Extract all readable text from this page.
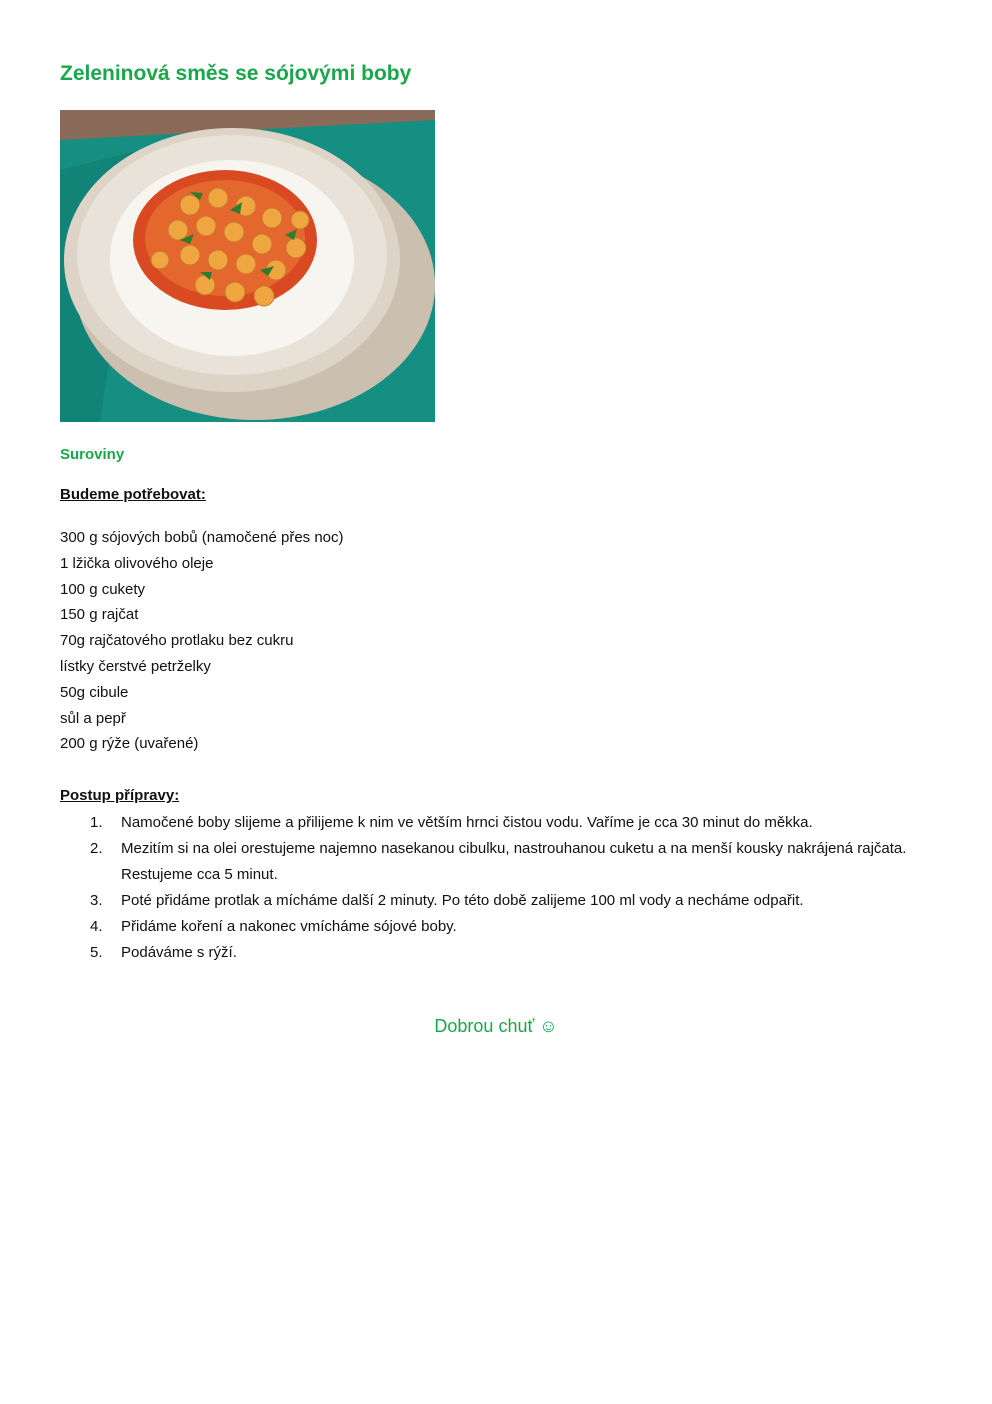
Zeleninová směs se sójovými boby

Suroviny

Budeme potřebovat:

300 g sójových bobů (namočené přes noc)
1 lžička olivového oleje
100 g cukety
150 g rajčat
70g rajčatového protlaku bez cukru
lístky čerstvé petrželky
50g cibule
sůl a pepř
200 g rýže (uvařené)

Postup přípravy:

1. Namočené boby slijeme a přilijeme k nim ve větším hrnci čistou vodu. Vaříme je cca 30 minut do měkka.
2. Mezitím si na olei orestujeme najemno nasekanou cibulku, nastrouhanou cuketu a na menší kousky nakrájená rajčata. Restujeme cca 5 minut.
3. Poté přidáme protlak a mícháme další 2 minuty. Po této době zalijeme 100 ml vody a necháme odpařit.
4. Přidáme koření a nakonec vmícháme sójové boby.
5. Podáváme s rýží.
Dobrou chuť ☺
